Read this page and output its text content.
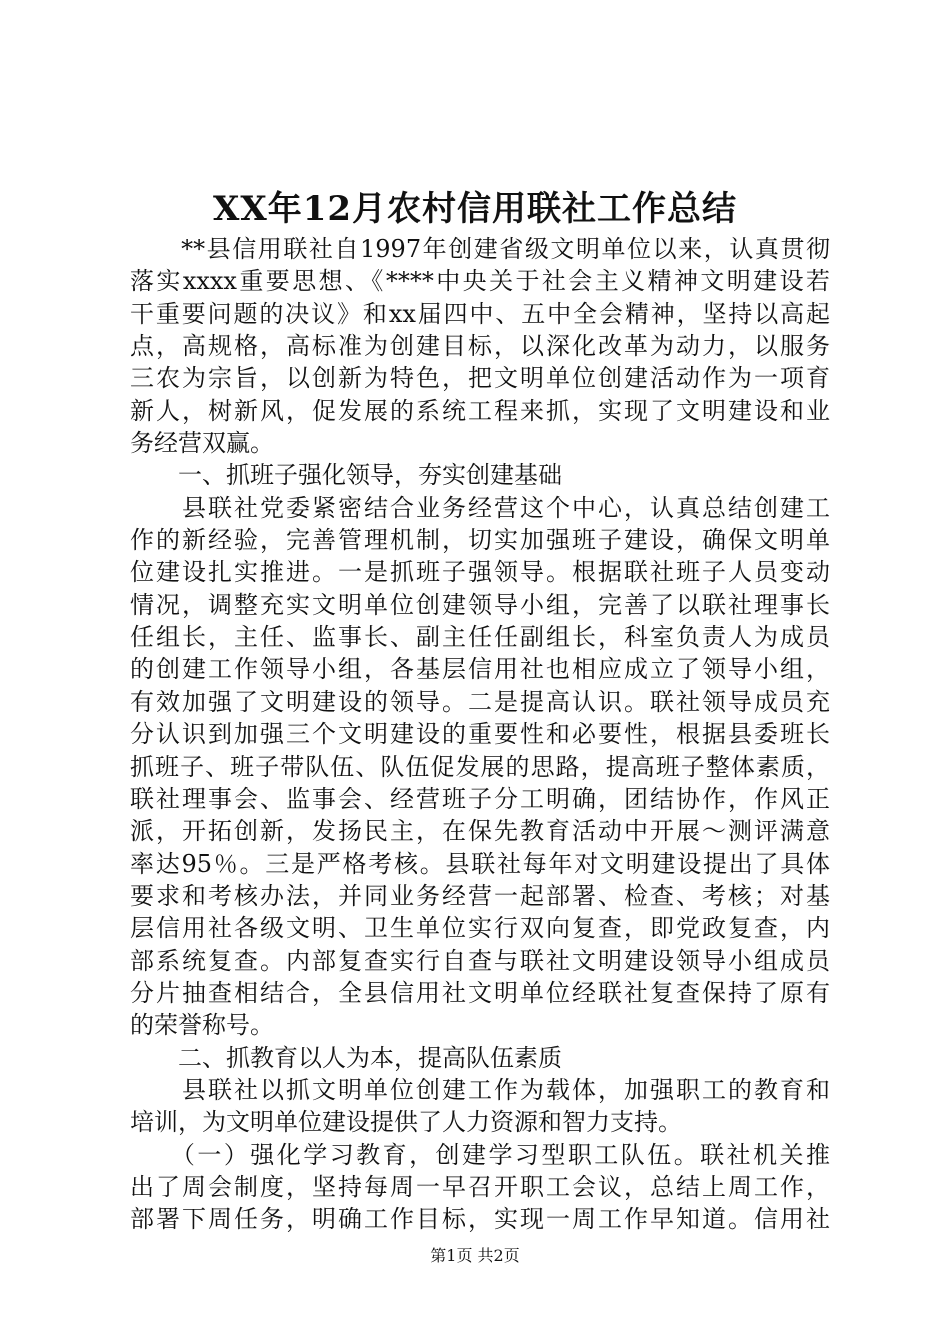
XX年12月农村信用联社工作总结
　　**县信用联社自1997年创建省级文明单位以来，认真贯彻
落实xxxx重要思想、《****中央关于社会主义精神文明建设若
干重要问题的决议》和xx届四中、五中全会精神，坚持以高起
点，高规格，高标准为创建目标，以深化改革为动力，以服务
三农为宗旨，以创新为特色，把文明单位创建活动作为一项育
新人，树新风，促发展的系统工程来抓，实现了文明建设和业
务经营双赢。
　　一、抓班子强化领导，夯实创建基础
　　县联社党委紧密结合业务经营这个中心，认真总结创建工
作的新经验，完善管理机制，切实加强班子建设，确保文明单
位建设扎实推进。一是抓班子强领导。根据联社班子人员变动
情况，调整充实文明单位创建领导小组，完善了以联社理事长
任组长，主任、监事长、副主任任副组长，科室负责人为成员
的创建工作领导小组，各基层信用社也相应成立了领导小组，
有效加强了文明建设的领导。二是提高认识。联社领导成员充
分认识到加强三个文明建设的重要性和必要性，根据县委班长
抓班子、班子带队伍、队伍促发展的思路，提高班子整体素质，
联社理事会、监事会、经营班子分工明确，团结协作，作风正
派，开拓创新，发扬民主，在保先教育活动中开展～测评满意
率达95％。三是严格考核。县联社每年对文明建设提出了具体
要求和考核办法，并同业务经营一起部署、检查、考核；对基
层信用社各级文明、卫生单位实行双向复查，即党政复查，内
部系统复查。内部复查实行自查与联社文明建设领导小组成员
分片抽查相结合，全县信用社文明单位经联社复查保持了原有
的荣誉称号。
　　二、抓教育以人为本，提高队伍素质
　　县联社以抓文明单位创建工作为载体，加强职工的教育和
培训，为文明单位建设提供了人力资源和智力支持。
　　（一）强化学习教育，创建学习型职工队伍。联社机关推
出了周会制度，坚持每周一早召开职工会议，总结上周工作，
部署下周任务，明确工作目标，实现一周工作早知道。信用社
第1页 共2页
